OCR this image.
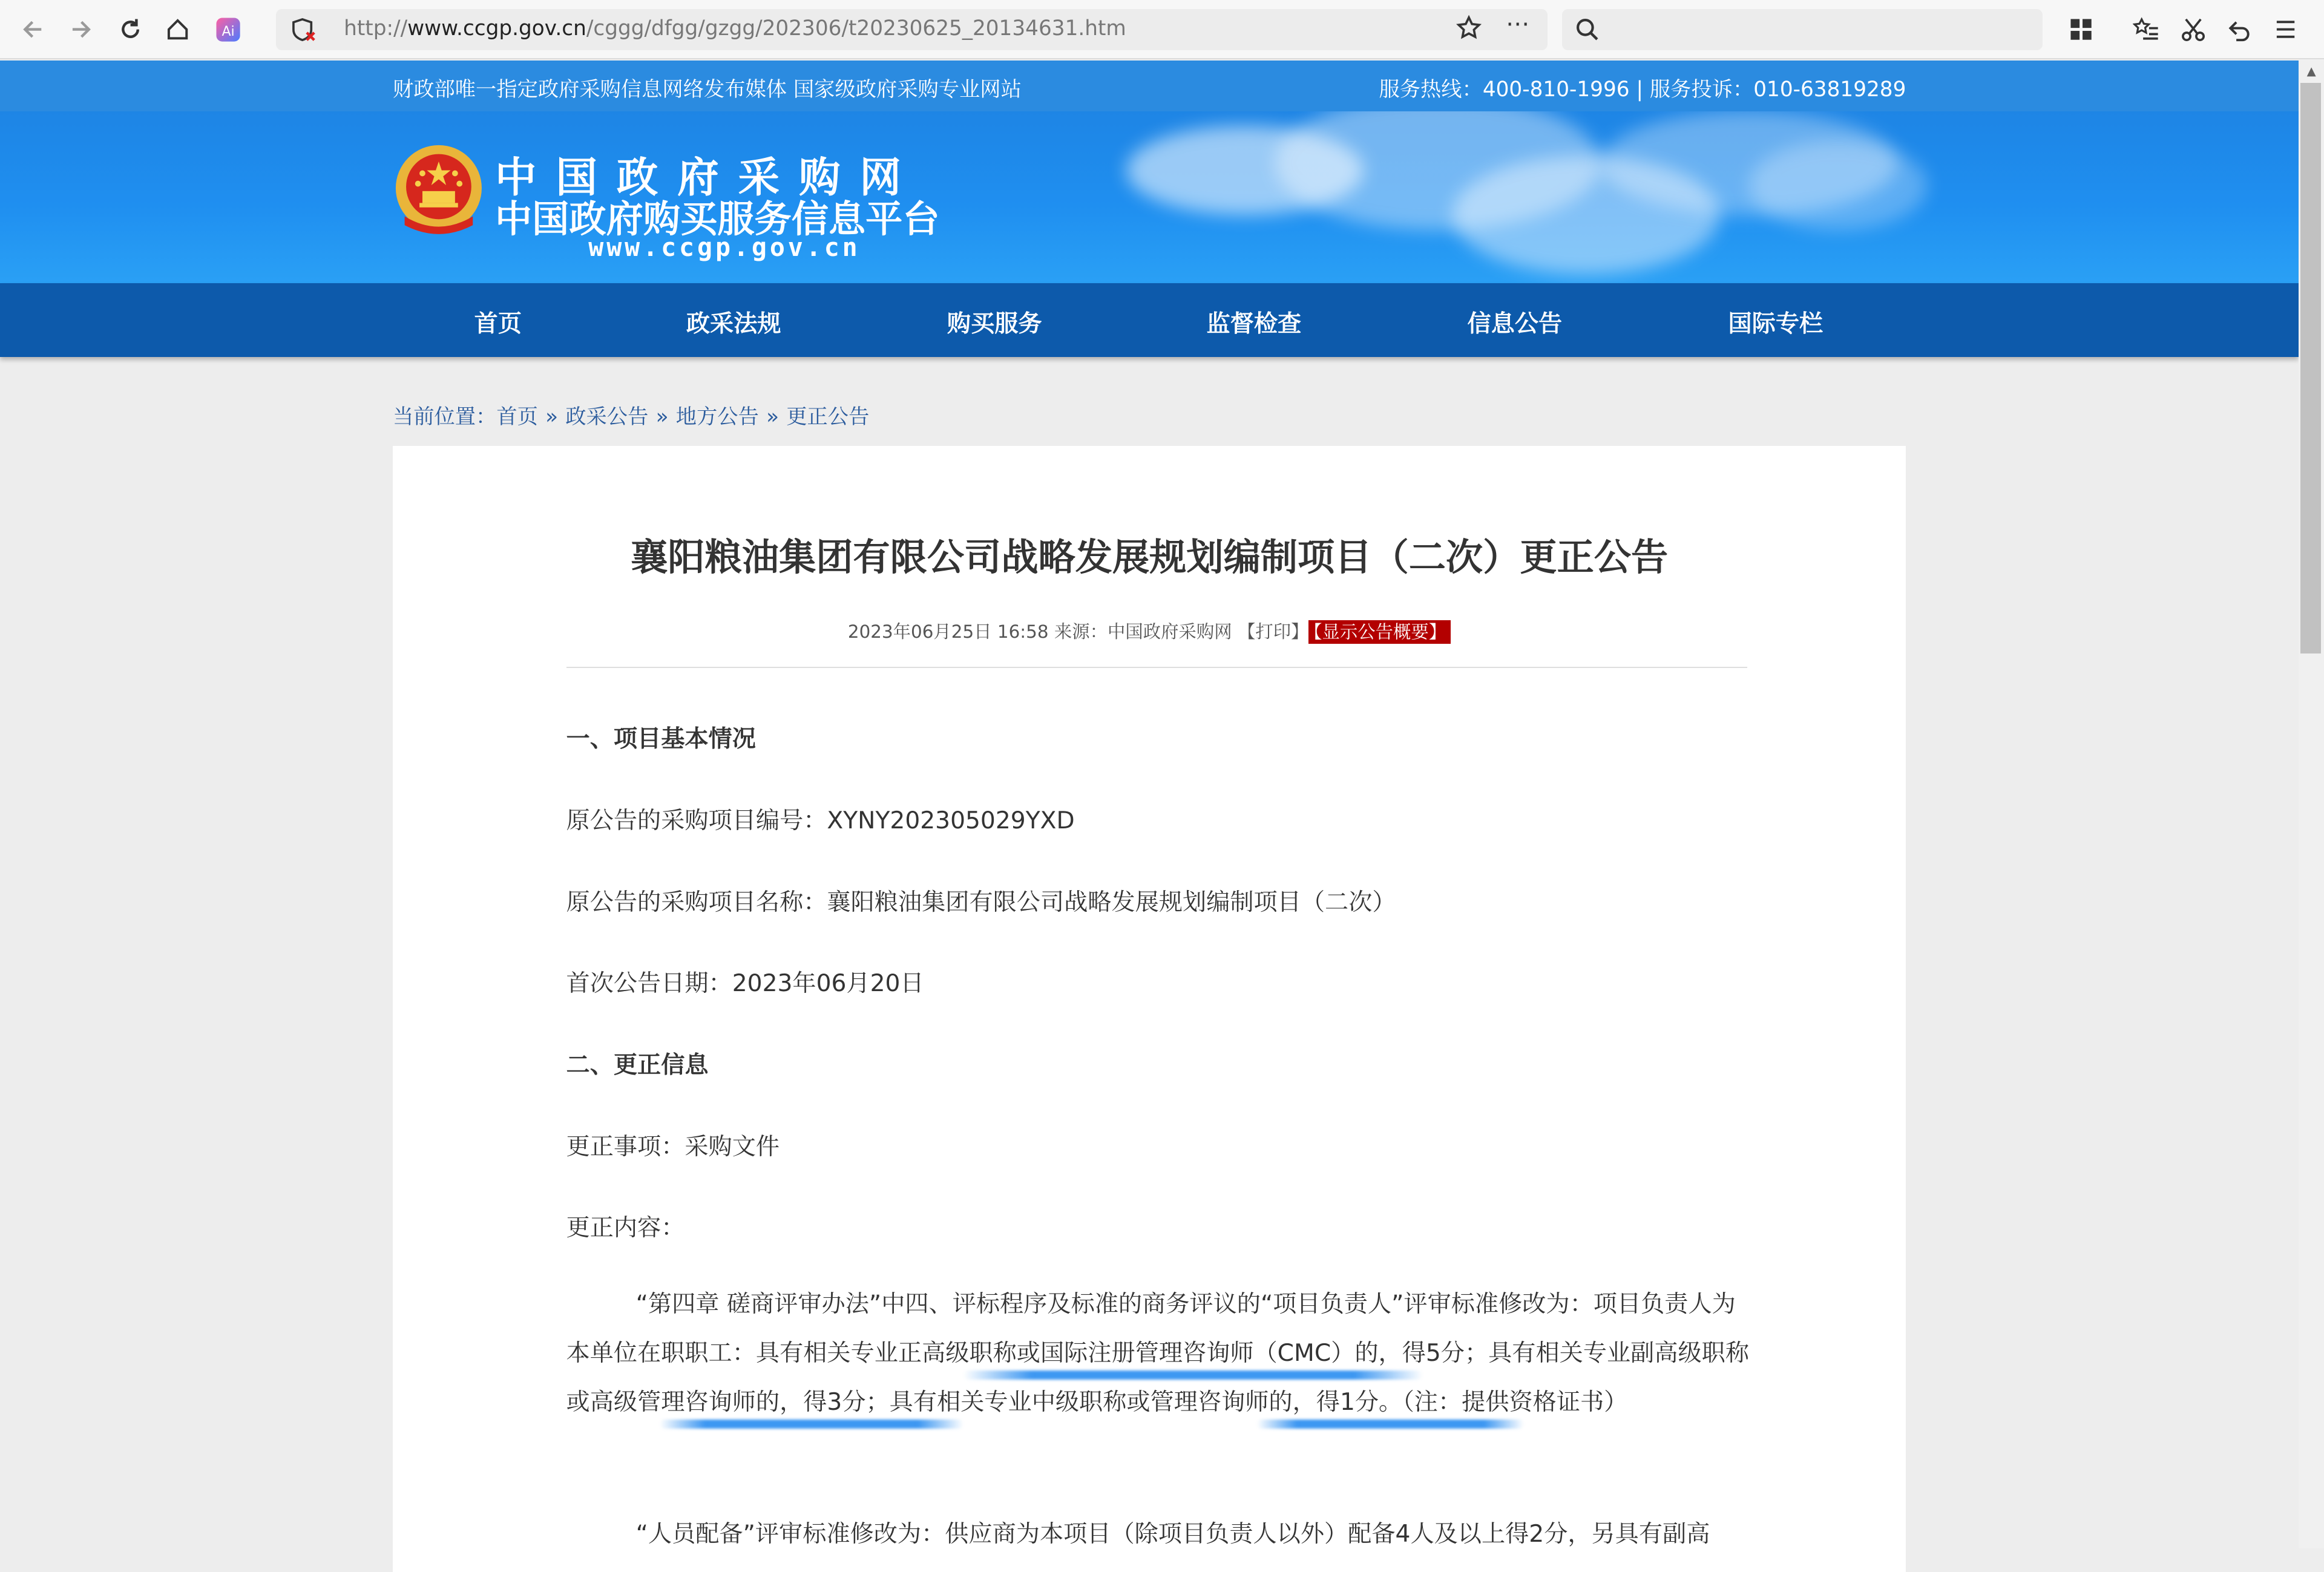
Ai	http://www.ccgp.gov.cn/cggg/dfgg/gzgg/202306/t20230625_20134631.htm	⋯
财政部唯一指定政府采购信息网络发布媒体 国家级政府采购专业网站	服务热线：400-810-1996 | 服务投诉：010-63819289
中国政府采购网
中国政府购买服务信息平台
www.ccgp.gov.cn
首页	政采法规	购买服务	监督检查	信息公告	国际专栏
当前位置：首页 » 政采公告 » 地方公告 » 更正公告
襄阳粮油集团有限公司战略发展规划编制项目（二次）更正公告
2023年06月25日 16:58 来源：中国政府采购网 【打印】 【显示公告概要】
一、项目基本情况
原公告的采购项目编号：XYNY202305029YXD
原公告的采购项目名称：襄阳粮油集团有限公司战略发展规划编制项目（二次）
首次公告日期：2023年06月20日
二、更正信息
更正事项：采购文件
更正内容：

“第四章 磋商评审办法”中四、评标程序及标准的商务评议的“项目负责人”评审标准修改为：项目负责人为本单位在职职工：具有相关专业正高级职称或国际注册管理咨询师（CMC）的，得5分；具有相关专业副高级职称或高级管理咨询师的，得3分；具有相关专业中级职称或管理咨询师的，得1分。（注：提供资格证书）

“人员配备”评审标准修改为：供应商为本项目（除项目负责人以外）配备4人及以上得2分，另具有副高

▲
